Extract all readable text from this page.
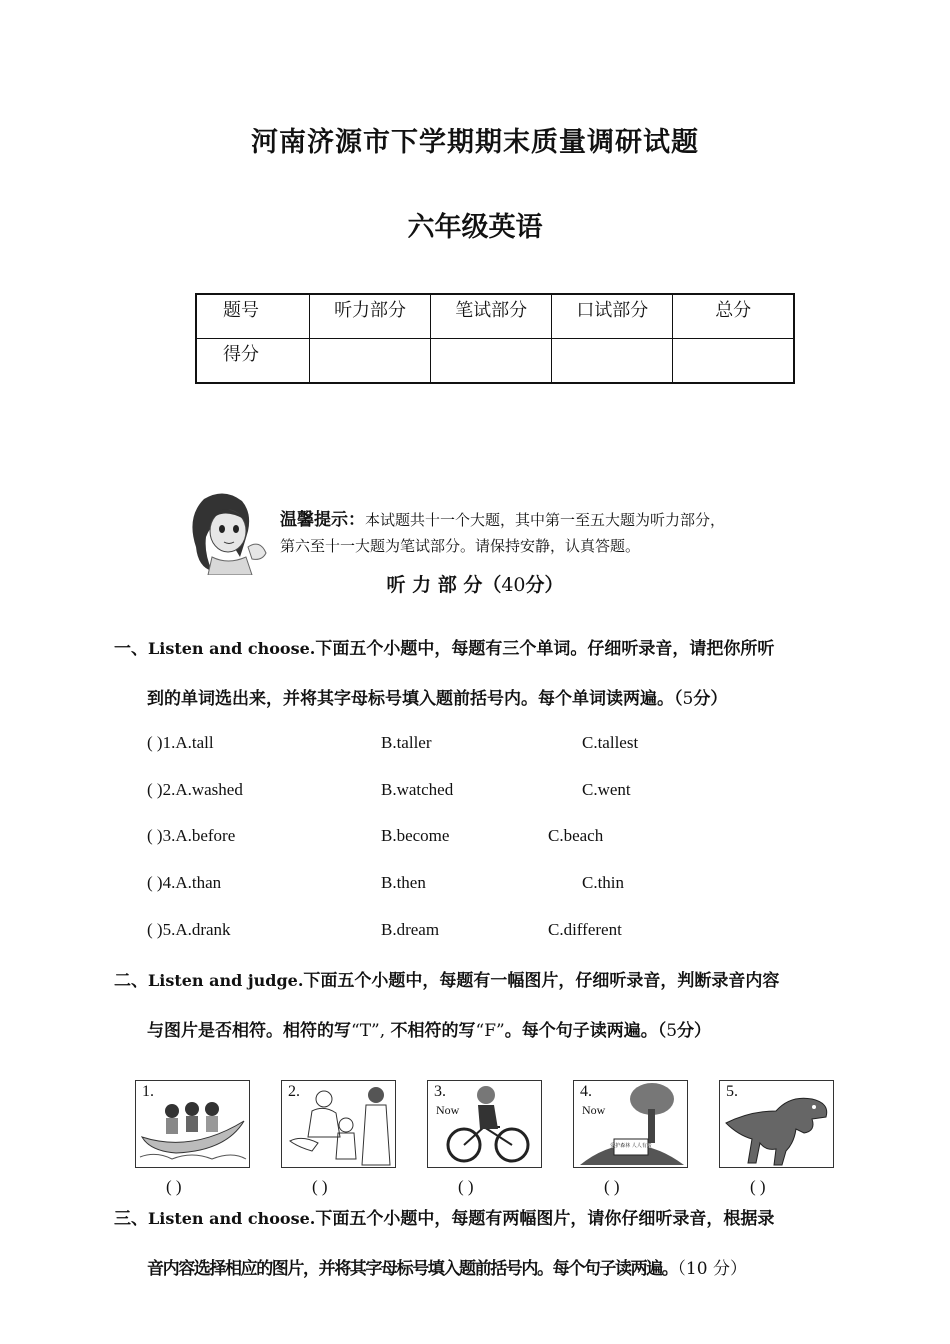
河南济源市下学期期末质量调研试题
六年级英语
题号	听力部分	笔试部分	口试部分	总分
得分				
温馨提示：本试题共十一个大题，其中第一至五大题为听力部分，
第六至十一大题为笔试部分。请保持安静，认真答题。
听 力 部 分（40分）
一、Listen and choose.下面五个小题中，每题有三个单词。仔细听录音，请把你所听
到的单词选出来，并将其字母标号填入题前括号内。每个单词读两遍。（5分）
( )1.A.tall	B.taller	C.tallest
( )2.A.washed	B.watched	C.went
( )3.A.before	B.become	C.beach
( )4.A.than	B.then	C.thin
( )5.A.drank	B.dream	C.different
二、Listen and judge.下面五个小题中，每题有一幅图片，仔细听录音，判断录音内容
与图片是否相符。相符的写“T”, 不相符的写“F”。每个句子读两遍。（5分）
1.	2.	3.
Now
4.
Now
爱护森林 人人有责
5.
( )	( )	( )	( )	( )
三、Listen and choose.下面五个小题中，每题有两幅图片，请你仔细听录音，根据录
音内容选择相应的图片，并将其字母标号填入题前括号内。每个句子读两遍。（10 分）
